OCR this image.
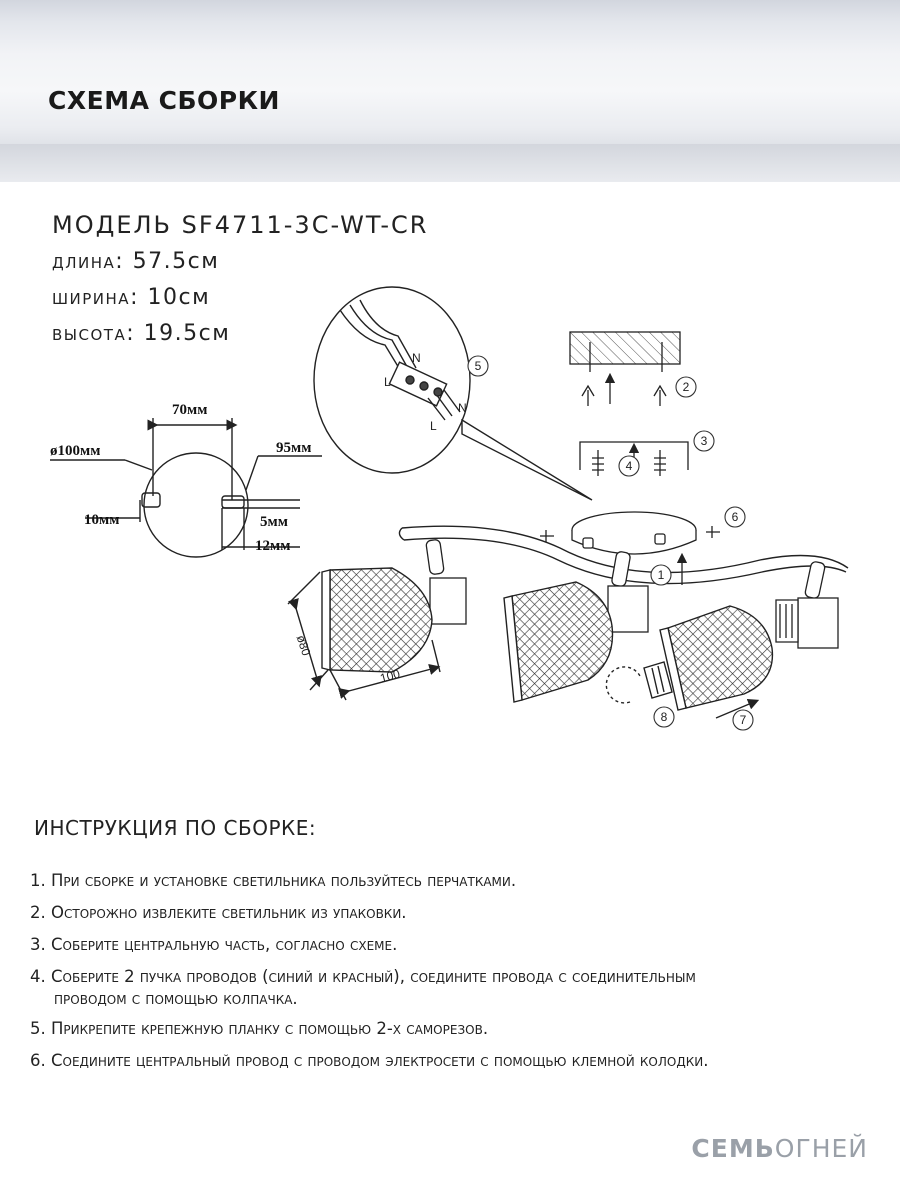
СХЕМА СБОРКИ
МОДЕЛЬ SF4711-3C-WT-CR
длина: 57.5см
ширина: 10см
высота: 19.5см
70мм
ø100мм	95мм
10мм	5мм
12мм
N
L
N
L
ø80
100
1
2
3
4
5
6
7
8
ИНСТРУКЦИЯ ПО СБОРКЕ:
1. При сборке и установке светильника пользуйтесь перчатками.
2. Осторожно извлеките светильник из упаковки.
3. Соберите центральную часть, согласно схеме.
4. Соберите 2 пучка проводов (синий и красный), соедините провода с соединительным
проводом с помощью колпачка.
5. Прикрепите крепежную планку с помощью 2-х саморезов.
6. Соедините центральный провод с проводом электросети с помощью клемной колодки.
СЕМЬОГНЕЙ
